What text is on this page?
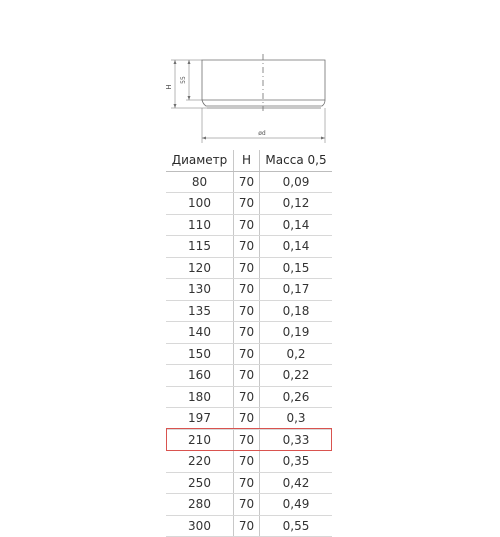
H
55
ød
Диаметр	H	Масса 0,5
80	70	0,09
100	70	0,12
110	70	0,14
115	70	0,14
120	70	0,15
130	70	0,17
135	70	0,18
140	70	0,19
150	70	0,2
160	70	0,22
180	70	0,26
197	70	0,3
210	70	0,33
220	70	0,35
250	70	0,42
280	70	0,49
300	70	0,55
